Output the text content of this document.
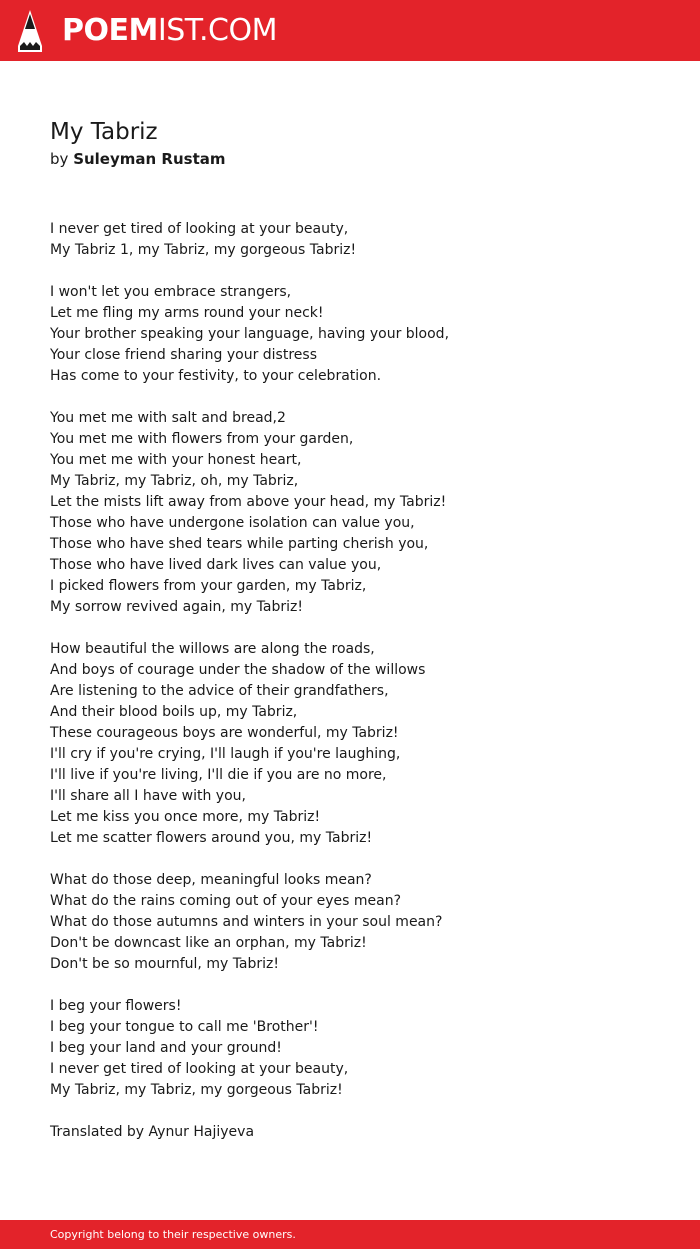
POEMIST.COM
My Tabriz
by Suleyman Rustam
I never get tired of looking at your beauty,
My Tabriz 1, my Tabriz, my gorgeous Tabriz!
I won't let you embrace strangers,
Let me fling my arms round your neck!
Your brother speaking your language, having your blood,
Your close friend sharing your distress
Has come to your festivity, to your celebration.
You met me with salt and bread,2
You met me with flowers from your garden,
You met me with your honest heart,
My Tabriz, my Tabriz, oh, my Tabriz,
Let the mists lift away from above your head, my Tabriz!
Those who have undergone isolation can value you,
Those who have shed tears while parting cherish you,
Those who have lived dark lives can value you,
I picked flowers from your garden, my Tabriz,
My sorrow revived again, my Tabriz!
How beautiful the willows are along the roads,
And boys of courage under the shadow of the willows
Are listening to the advice of their grandfathers,
And their blood boils up, my Tabriz,
These courageous boys are wonderful, my Tabriz!
I'll cry if you're crying, I'll laugh if you're laughing,
I'll live if you're living, I'll die if you are no more,
I'll share all I have with you,
Let me kiss you once more, my Tabriz!
Let me scatter flowers around you, my Tabriz!
What do those deep, meaningful looks mean?
What do the rains coming out of your eyes mean?
What do those autumns and winters in your soul mean?
Don't be downcast like an orphan, my Tabriz!
Don't be so mournful, my Tabriz!
I beg your flowers!
I beg your tongue to call me 'Brother'!
I beg your land and your ground!
I never get tired of looking at your beauty,
My Tabriz, my Tabriz, my gorgeous Tabriz!
Translated by Aynur Hajiyeva
Copyright belong to their respective owners.
